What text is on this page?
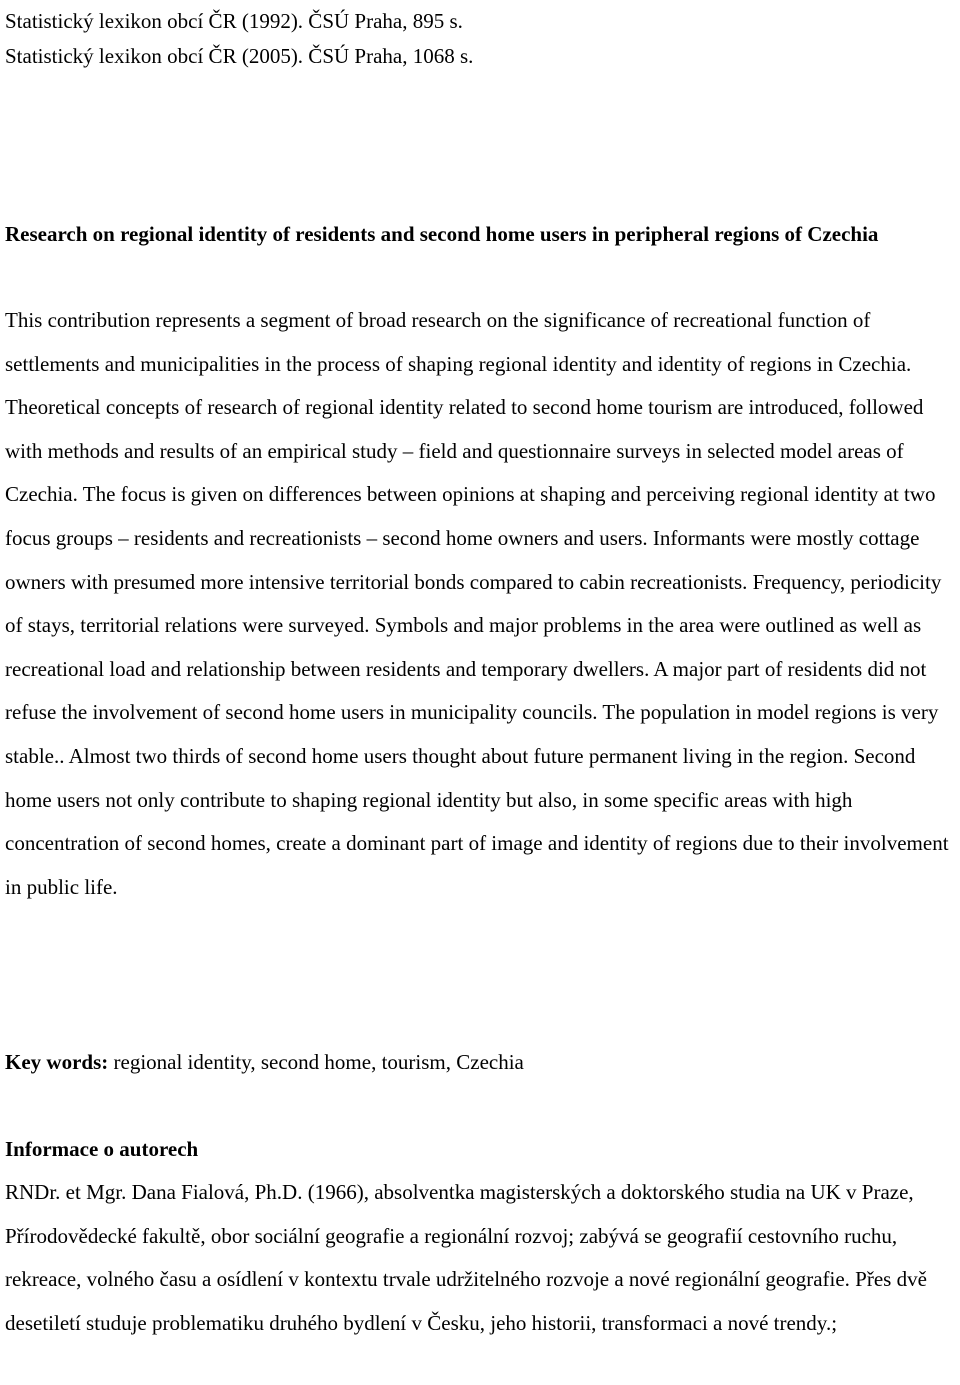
Statistický lexikon obcí ČR (1992). ČSÚ Praha, 895 s.

Statistický lexikon obcí ČR (2005). ČSÚ Praha, 1068 s.

Research on regional identity of residents and second home users in peripheral regions of Czechia

This contribution represents a segment of broad research on the significance of recreational function of settlements and municipalities in the process of shaping regional identity and identity of regions in Czechia. Theoretical concepts of research of regional identity related to second home tourism are introduced, followed with methods and results of an empirical study – field and questionnaire surveys in selected model areas of Czechia. The focus is given on differences between opinions at shaping and perceiving regional identity at two focus groups – residents and recreationists – second home owners and users. Informants were mostly cottage owners with presumed more intensive territorial bonds compared to cabin recreationists. Frequency, periodicity of stays, territorial relations were surveyed. Symbols and major problems in the area were outlined as well as recreational load and relationship between residents and temporary dwellers. A major part of residents did not refuse the involvement of second home users in municipality councils. The population in model regions is very stable.. Almost two thirds of second home users thought about future permanent living in the region. Second home users not only contribute to shaping regional identity but also, in some specific areas with high concentration of second homes, create a dominant part of image and identity of regions due to their involvement in public life.

Key words: regional identity, second home, tourism, Czechia

Informace o autorech

RNDr. et Mgr. Dana Fialová, Ph.D. (1966), absolventka magisterských a doktorského studia na UK v Praze, Přírodovědecké fakultě, obor sociální geografie a regionální rozvoj; zabývá se geografií cestovního ruchu, rekreace, volného času a osídlení v kontextu trvale udržitelného rozvoje a nové regionální geografie. Přes dvě desetiletí studuje problematiku druhého bydlení v Česku, jeho historii, transformaci a nové trendy.;
